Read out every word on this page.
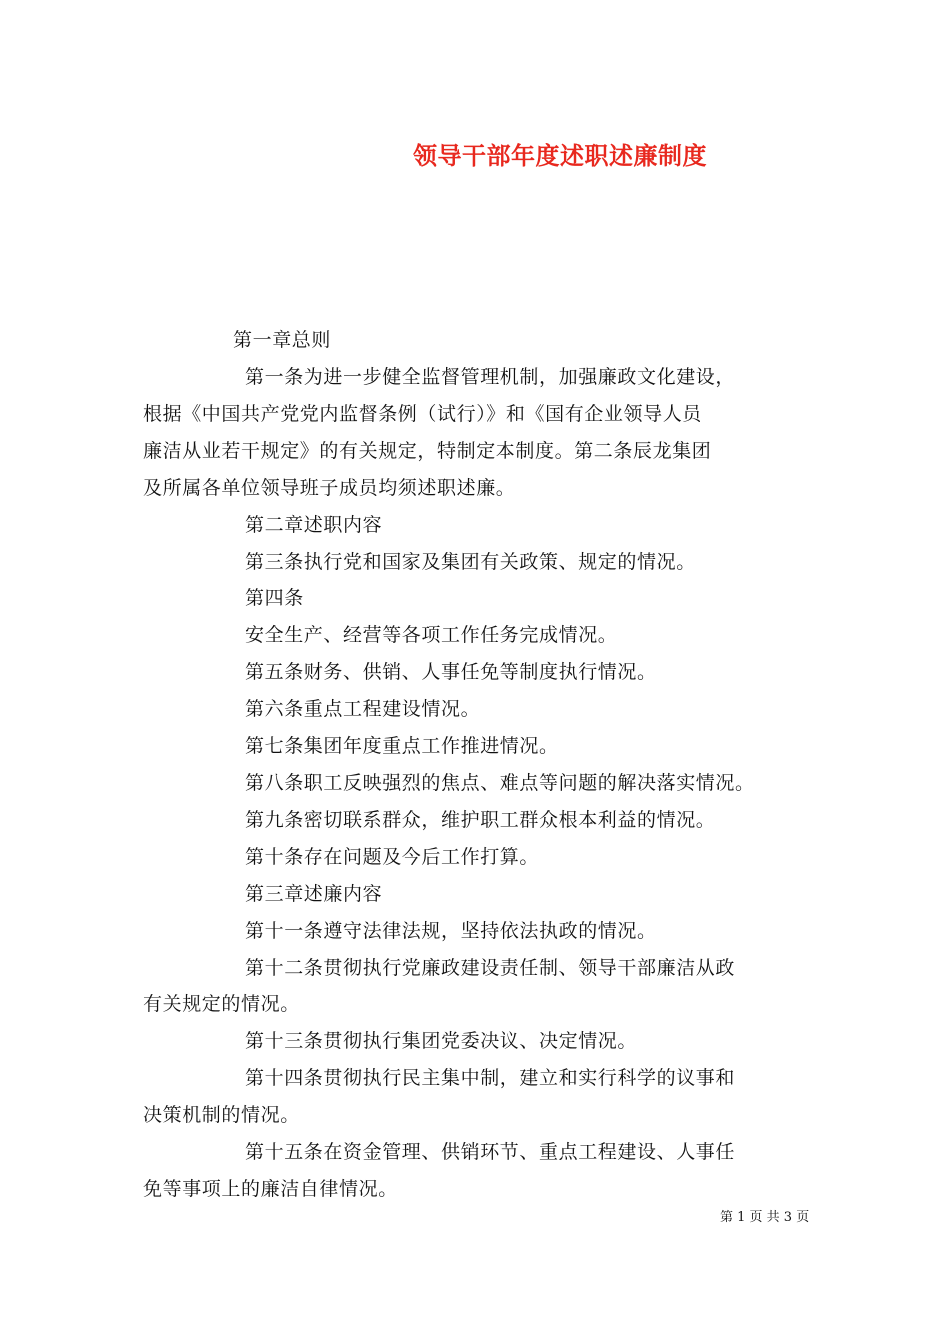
领导干部年度述职述廉制度
第一章总则
第一条为进一步健全监督管理机制，加强廉政文化建设，
根据《中国共产党党内监督条例（试行）》和《国有企业领导人员
廉洁从业若干规定》的有关规定，特制定本制度。第二条辰龙集团
及所属各单位领导班子成员均须述职述廉。
第二章述职内容
第三条执行党和国家及集团有关政策、规定的情况。
第四条
安全生产、经营等各项工作任务完成情况。
第五条财务、供销、人事任免等制度执行情况。
第六条重点工程建设情况。
第七条集团年度重点工作推进情况。
第八条职工反映强烈的焦点、难点等问题的解决落实情况。
第九条密切联系群众，维护职工群众根本利益的情况。
第十条存在问题及今后工作打算。
第三章述廉内容
第十一条遵守法律法规，坚持依法执政的情况。
第十二条贯彻执行党廉政建设责任制、领导干部廉洁从政
有关规定的情况。
第十三条贯彻执行集团党委决议、决定情况。
第十四条贯彻执行民主集中制，建立和实行科学的议事和
决策机制的情况。
第十五条在资金管理、供销环节、重点工程建设、人事任
免等事项上的廉洁自律情况。
第 1 页 共 3 页
